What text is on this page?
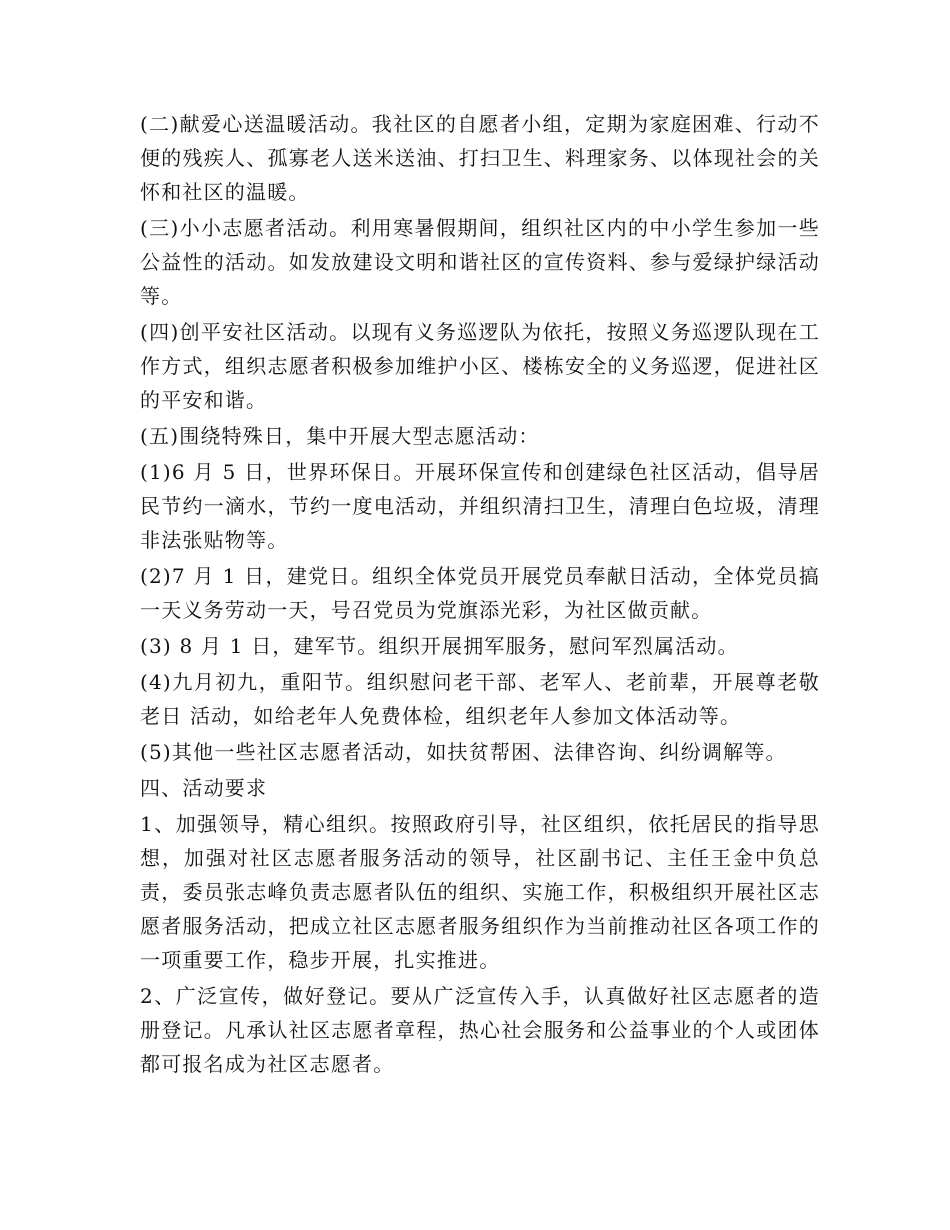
(二)献爱心送温暖活动。我社区的自愿者小组，定期为家庭困难、行动不便的残疾人、孤寡老人送米送油、打扫卫生、料理家务、以体现社会的关怀和社区的温暖。

(三)小小志愿者活动。利用寒暑假期间，组织社区内的中小学生参加一些公益性的活动。如发放建设文明和谐社区的宣传资料、参与爱绿护绿活动等。

(四)创平安社区活动。以现有义务巡逻队为依托，按照义务巡逻队现在工作方式，组织志愿者积极参加维护小区、楼栋安全的义务巡逻，促进社区的平安和谐。

(五)围绕特殊日，集中开展大型志愿活动：

(1)6 月 5 日，世界环保日。开展环保宣传和创建绿色社区活动，倡导居民节约一滴水，节约一度电活动，并组织清扫卫生，清理白色垃圾，清理非法张贴物等。

(2)7 月 1 日，建党日。组织全体党员开展党员奉献日活动，全体党员搞一天义务劳动一天，号召党员为党旗添光彩，为社区做贡献。

(3) 8 月 1 日，建军节。组织开展拥军服务，慰问军烈属活动。

(4)九月初九，重阳节。组织慰问老干部、老军人、老前辈，开展尊老敬老日 活动，如给老年人免费体检，组织老年人参加文体活动等。

(5)其他一些社区志愿者活动，如扶贫帮困、法律咨询、纠纷调解等。

四、活动要求

1、加强领导，精心组织。按照政府引导，社区组织，依托居民的指导思想，加强对社区志愿者服务活动的领导，社区副书记、主任王金中负总责，委员张志峰负责志愿者队伍的组织、实施工作，积极组织开展社区志愿者服务活动，把成立社区志愿者服务组织作为当前推动社区各项工作的一项重要工作，稳步开展，扎实推进。

2、广泛宣传，做好登记。要从广泛宣传入手，认真做好社区志愿者的造册登记。凡承认社区志愿者章程，热心社会服务和公益事业的个人或团体都可报名成为社区志愿者。
